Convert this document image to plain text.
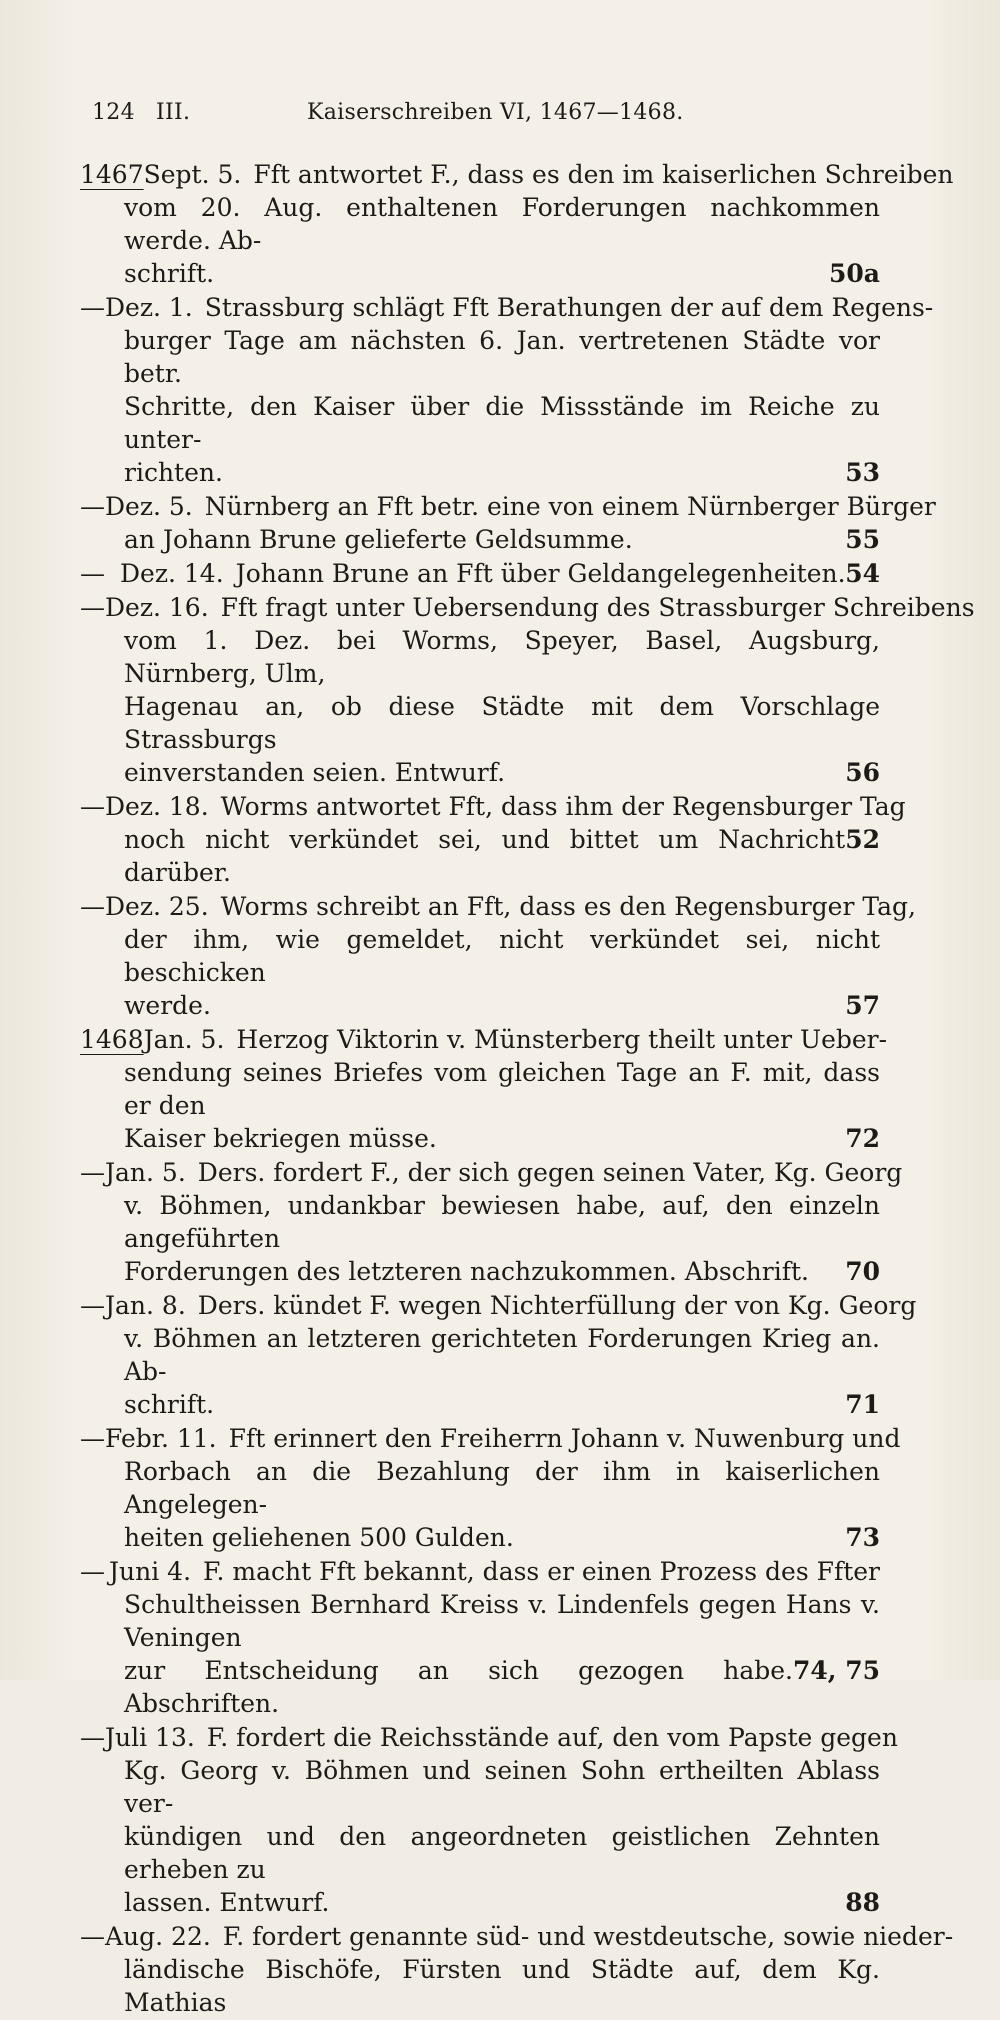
124 III.	Kaiserschreiben VI, 1467—1468.
1467 Sept. 5. Fft antwortet F., dass es den im kaiserlichen Schreiben
vom 20. Aug. enthaltenen Forderungen nachkommen werde. Ab-
50a
schrift.
— Dez. 1. Strassburg schlägt Fft Berathungen der auf dem Regens-
burger Tage am nächsten 6. Jan. vertretenen Städte vor betr.
Schritte, den Kaiser über die Missstände im Reiche zu unter-
53
richten.
— Dez. 5. Nürnberg an Fft betr. eine von einem Nürnberger Bürger
55
an Johann Brune gelieferte Geldsumme.
54
— Dez. 14. Johann Brune an Fft über Geldangelegenheiten.
— Dez. 16. Fft fragt unter Uebersendung des Strassburger Schreibens
vom 1. Dez. bei Worms, Speyer, Basel, Augsburg, Nürnberg, Ulm,
Hagenau an, ob diese Städte mit dem Vorschlage Strassburgs
56
einverstanden seien. Entwurf.
— Dez. 18. Worms antwortet Fft, dass ihm der Regensburger Tag
52
noch nicht verkündet sei, und bittet um Nachricht darüber.
— Dez. 25. Worms schreibt an Fft, dass es den Regensburger Tag,
der ihm, wie gemeldet, nicht verkündet sei, nicht beschicken
57
werde.
1468 Jan. 5. Herzog Viktorin v. Münsterberg theilt unter Ueber-
sendung seines Briefes vom gleichen Tage an F. mit, dass er den
72
Kaiser bekriegen müsse.
— Jan. 5. Ders. fordert F., der sich gegen seinen Vater, Kg. Georg
v. Böhmen, undankbar bewiesen habe, auf, den einzeln angeführten
70
Forderungen des letzteren nachzukommen. Abschrift.
— Jan. 8. Ders. kündet F. wegen Nichterfüllung der von Kg. Georg
v. Böhmen an letzteren gerichteten Forderungen Krieg an. Ab-
71
schrift.
— Febr. 11. Fft erinnert den Freiherrn Johann v. Nuwenburg und
Rorbach an die Bezahlung der ihm in kaiserlichen Angelegen-
73
heiten geliehenen 500 Gulden.
— Juni 4. F. macht Fft bekannt, dass er einen Prozess des Ffter
Schultheissen Bernhard Kreiss v. Lindenfels gegen Hans v. Veningen
74, 75
zur Entscheidung an sich gezogen habe. Abschriften.
— Juli 13. F. fordert die Reichsstände auf, den vom Papste gegen
Kg. Georg v. Böhmen und seinen Sohn ertheilten Ablass ver-
kündigen und den angeordneten geistlichen Zehnten erheben zu
88
lassen. Entwurf.
— Aug. 22. F. fordert genannte süd- und westdeutsche, sowie nieder-
ländische Bischöfe, Fürsten und Städte auf, dem Kg. Mathias
